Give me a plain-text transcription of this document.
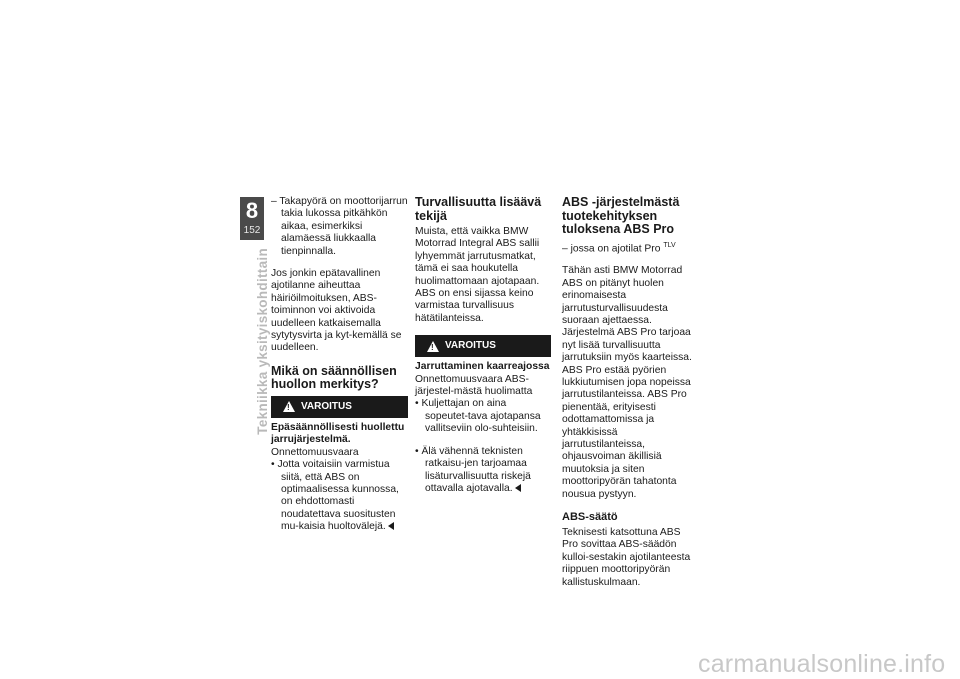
8
152
Tekniikka yksityiskohdittain

– Takapyörä on moottorijarrun takia lukossa pitkähkön aikaa, esimerkiksi alamäessä liukkaalla tienpinnalla.

Jos jonkin epätavallinen ajotilanne aiheuttaa häiriöilmoituksen, ABS-toiminnon voi aktivoida uudelleen katkaisemalla sytytysvirta ja kyt-kemällä se uudelleen.

Mikä on säännöllisen huollon merkitys?
!
VAROITUS
Epäsäännöllisesti huollettu jarrujärjestelmä.
Onnettomuusvaara

• Jotta voitaisiin varmistua siitä, että ABS on optimaalisessa kunnossa, on ehdottomasti noudatettava suositusten mu-kaisia huoltovälejä.

Turvallisuutta lisäävä tekijä

Muista, että vaikka BMW Motorrad Integral ABS sallii lyhyemmät jarrutusmatkat, tämä ei saa houkutella huolimattomaan ajotapaan. ABS on ensi sijassa keino varmistaa turvallisuus hätätilanteissa.

!
VAROITUS
Jarruttaminen kaarreajossa
Onnettomuusvaara ABS-järjestel-mästä huolimatta

• Kuljettajan on aina sopeutet-tava ajotapansa vallitseviin olo-suhteisiin.

• Älä vähennä teknisten ratkaisu-jen tarjoamaa lisäturvallisuutta riskejä ottavalla ajotavalla.

ABS -järjestelmästä tuotekehityksen tuloksena ABS Pro

– jossa on ajotilat Pro $^{TLV}$

Tähän asti BMW Motorrad ABS on pitänyt huolen erinomaisesta jarrutusturvallisuudesta suoraan ajettaessa. Järjestelmä ABS Pro tarjoaa nyt lisää turvallisuutta jarrutuksiin myös kaarteissa. ABS Pro estää pyörien lukkiutumisen jopa nopeissa jarrutustilanteissa. ABS Pro pienentää, erityisesti odottamattomissa ja yhtäkkisissä jarrutustilanteissa, ohjausvoiman äkillisiä muutoksia ja siten moottoripyörän tahatonta nousua pystyyn.

ABS-säätö

Teknisesti katsottuna ABS Pro sovittaa ABS-säädön kulloi-sestakin ajotilanteesta riippuen moottoripyörän kallistuskulmaan.

carmanualsonline.info
